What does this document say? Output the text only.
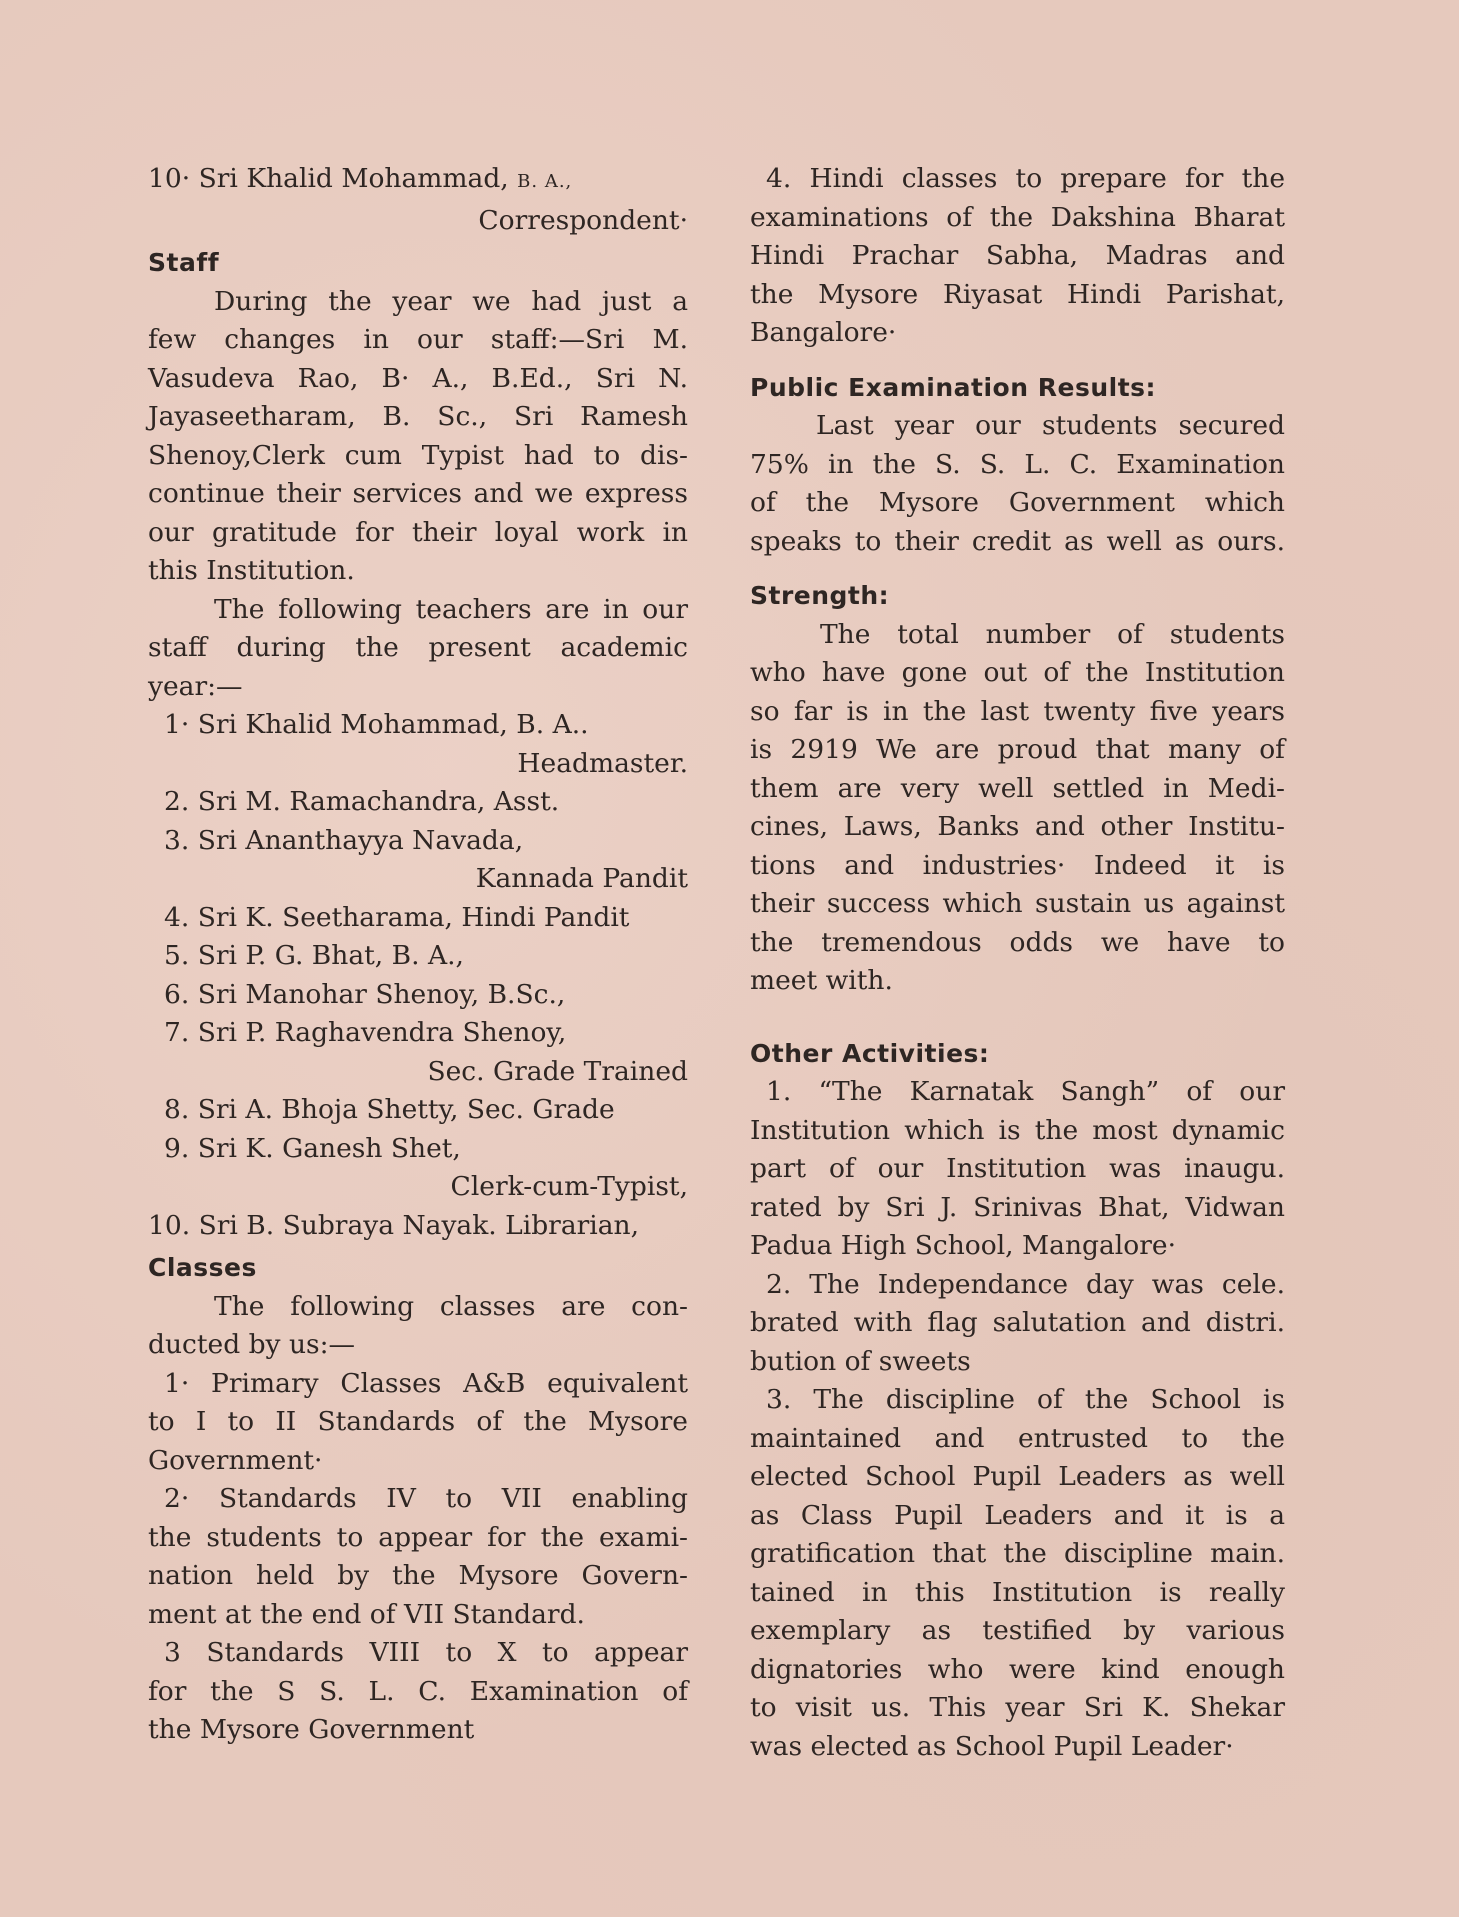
10· Sri Khalid Mohammad, B. A.,
Correspondent·
Staff
During the year we had just a
few changes in our staff:—Sri M.
Vasudeva Rao, B· A., B.Ed., Sri N.
Jayaseetharam, B. Sc., Sri Ramesh
Shenoy,Clerk cum Typist had to dis-
continue their services and we express
our gratitude for their loyal work in
this Institution.
The following teachers are in our
staff during the present academic
year:—
1· Sri Khalid Mohammad, B. A..
Headmaster.
2. Sri M. Ramachandra, Asst.
3. Sri Ananthayya Navada,
Kannada Pandit
4. Sri K. Seetharama, Hindi Pandit
5. Sri P. G. Bhat, B. A.,
6. Sri Manohar Shenoy, B.Sc.,
7. Sri P. Raghavendra Shenoy,
Sec. Grade Trained
8. Sri A. Bhoja Shetty, Sec. Grade
9. Sri K. Ganesh Shet,
Clerk-cum-Typist,
10. Sri B. Subraya Nayak. Librarian,
Classes
The following classes are con-
ducted by us:—
1· Primary Classes A&B equivalent
to I to II Standards of the Mysore
Government·
2· Standards IV to VII enabling
the students to appear for the exami-
nation held by the Mysore Govern-
ment at the end of VII Standard.
3 Standards VIII to X to appear
for the S S. L. C. Examination of
the Mysore Government
4. Hindi classes to prepare for the
examinations of the Dakshina Bharat
Hindi Prachar Sabha, Madras and
the Mysore Riyasat Hindi Parishat,
Bangalore·
Public Examination Results:
Last year our students secured
75% in the S. S. L. C. Examination
of the Mysore Government which
speaks to their credit as well as ours.
Strength:
The total number of students
who have gone out of the Institution
so far is in the last twenty five years
is 2919 We are proud that many of
them are very well settled in Medi-
cines, Laws, Banks and other Institu-
tions and industries· Indeed it is
their success which sustain us against
the tremendous odds we have to
meet with.
Other Activities:
1. “The Karnatak Sangh” of our
Institution which is the most dynamic
part of our Institution was inaugu.
rated by Sri J. Srinivas Bhat, Vidwan
Padua High School, Mangalore·
2. The Independance day was cele.
brated with flag salutation and distri.
bution of sweets
3. The discipline of the School is
maintained and entrusted to the
elected School Pupil Leaders as well
as Class Pupil Leaders and it is a
gratification that the discipline main.
tained in this Institution is really
exemplary as testified by various
dignatories who were kind enough
to visit us. This year Sri K. Shekar
was elected as School Pupil Leader·
